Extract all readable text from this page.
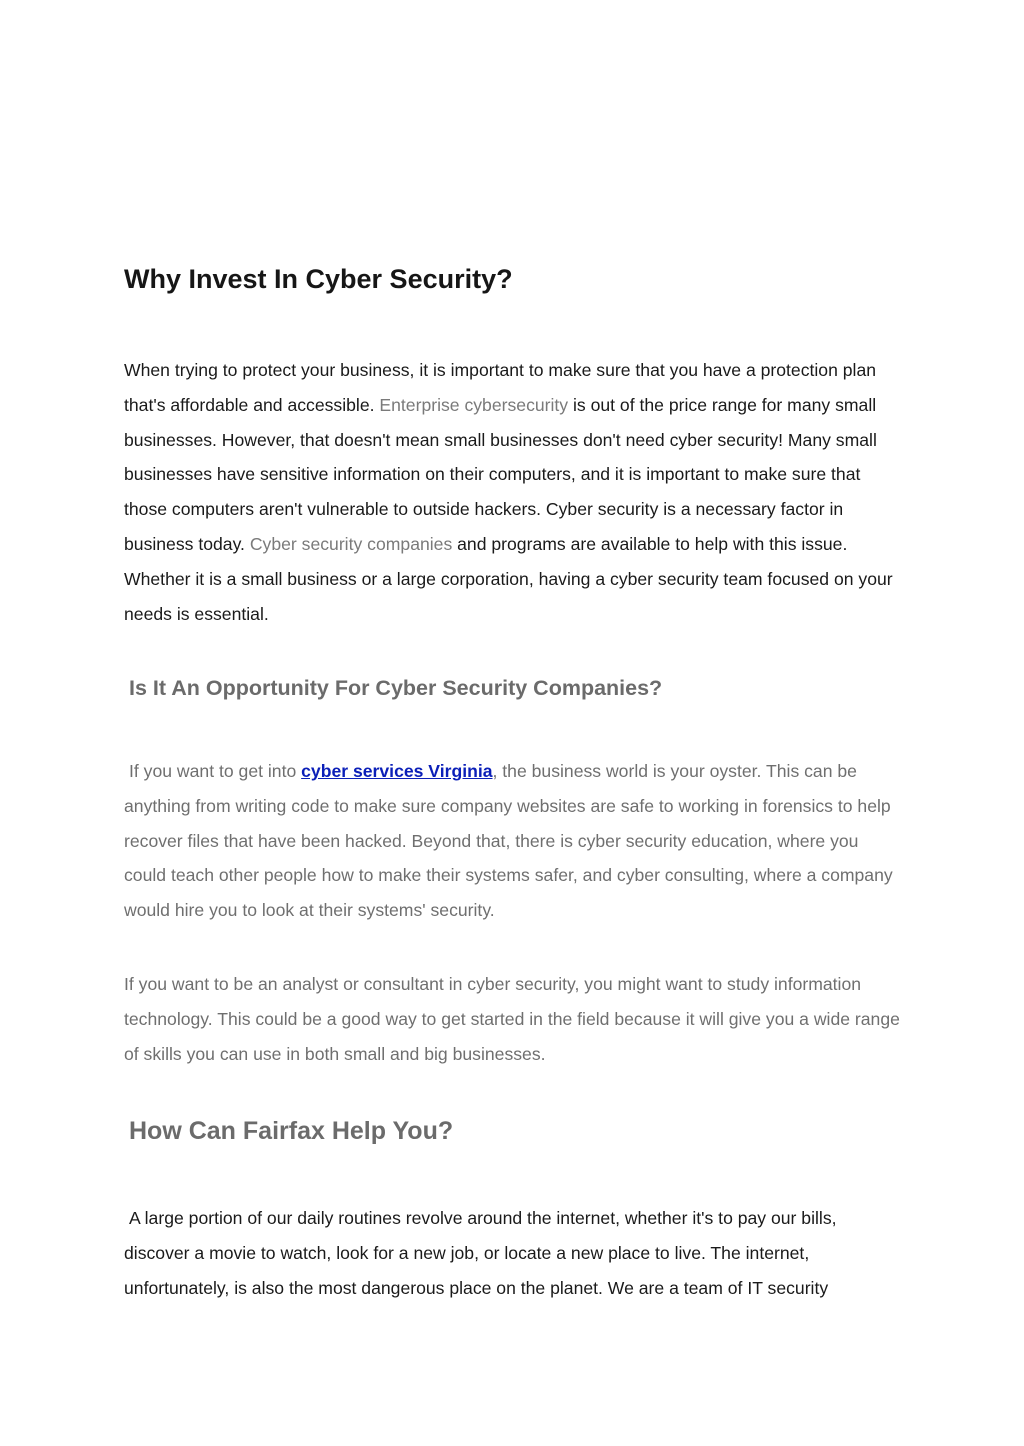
Why Invest In Cyber Security?

When trying to protect your business, it is important to make sure that you have a protection plan that's affordable and accessible. Enterprise cybersecurity is out of the price range for many small businesses. However, that doesn't mean small businesses don't need cyber security! Many small businesses have sensitive information on their computers, and it is important to make sure that those computers aren't vulnerable to outside hackers. Cyber security is a necessary factor in business today. Cyber security companies and programs are available to help with this issue. Whether it is a small business or a large corporation, having a cyber security team focused on your needs is essential.

Is It An Opportunity For Cyber Security Companies?

If you want to get into cyber services Virginia, the business world is your oyster. This can be anything from writing code to make sure company websites are safe to working in forensics to help recover files that have been hacked. Beyond that, there is cyber security education, where you could teach other people how to make their systems safer, and cyber consulting, where a company would hire you to look at their systems' security.

If you want to be an analyst or consultant in cyber security, you might want to study information technology. This could be a good way to get started in the field because it will give you a wide range of skills you can use in both small and big businesses.

How Can Fairfax Help You?

A large portion of our daily routines revolve around the internet, whether it's to pay our bills, discover a movie to watch, look for a new job, or locate a new place to live. The internet, unfortunately, is also the most dangerous place on the planet. We are a team of IT security
